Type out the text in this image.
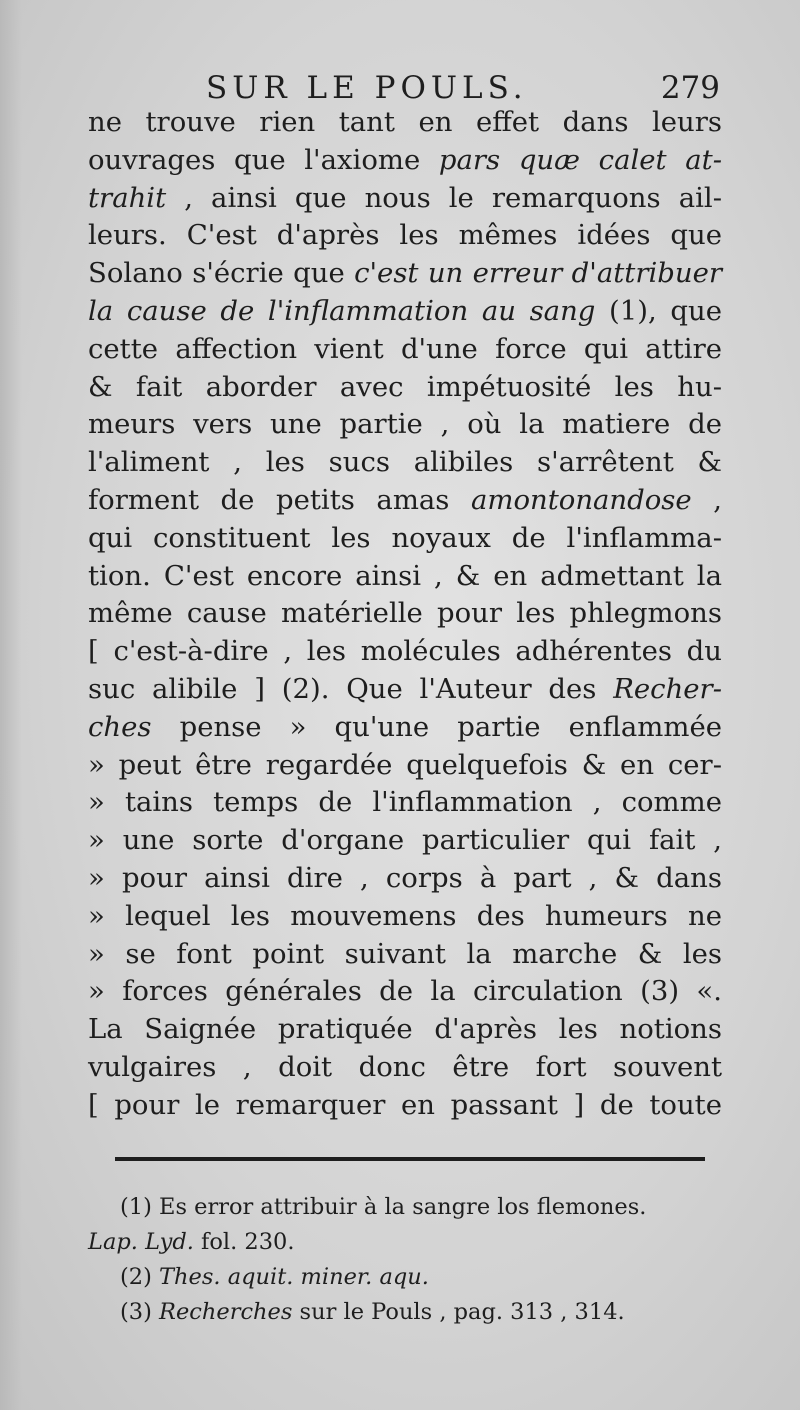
SUR LE POULS.	279
ne trouve rien tant en effet dans leurs
ouvrages que l'axiome pars quæ calet at-
trahit , ainsi que nous le remarquons ail-
leurs. C'est d'après les mêmes idées que
Solano s'écrie que c'est un erreur d'attribuer
la cause de l'inflammation au sang (1), que
cette affection vient d'une force qui attire
& fait aborder avec impétuosité les hu-
meurs vers une partie , où la matiere de
l'aliment , les sucs alibiles s'arrêtent &
forment de petits amas amontonandose ,
qui constituent les noyaux de l'inflamma-
tion. C'est encore ainsi , & en admettant la
même cause matérielle pour les phlegmons
[ c'est-à-dire , les molécules adhérentes du
suc alibile ] (2). Que l'Auteur des Recher-
ches pense » qu'une partie enflammée
» peut être regardée quelquefois & en cer-
» tains temps de l'inflammation , comme
» une sorte d'organe particulier qui fait ,
» pour ainsi dire , corps à part , & dans
» lequel les mouvemens des humeurs ne
» se font point suivant la marche & les
» forces générales de la circulation (3) «.
La Saignée pratiquée d'après les notions
vulgaires , doit donc être fort souvent
[ pour le remarquer en passant ] de toute
(1) Es error attribuir à la sangre los flemones.
Lap. Lyd. fol. 230.
(2) Thes. aquit. miner. aqu.
(3) Recherches sur le Pouls , pag. 313 , 314.
